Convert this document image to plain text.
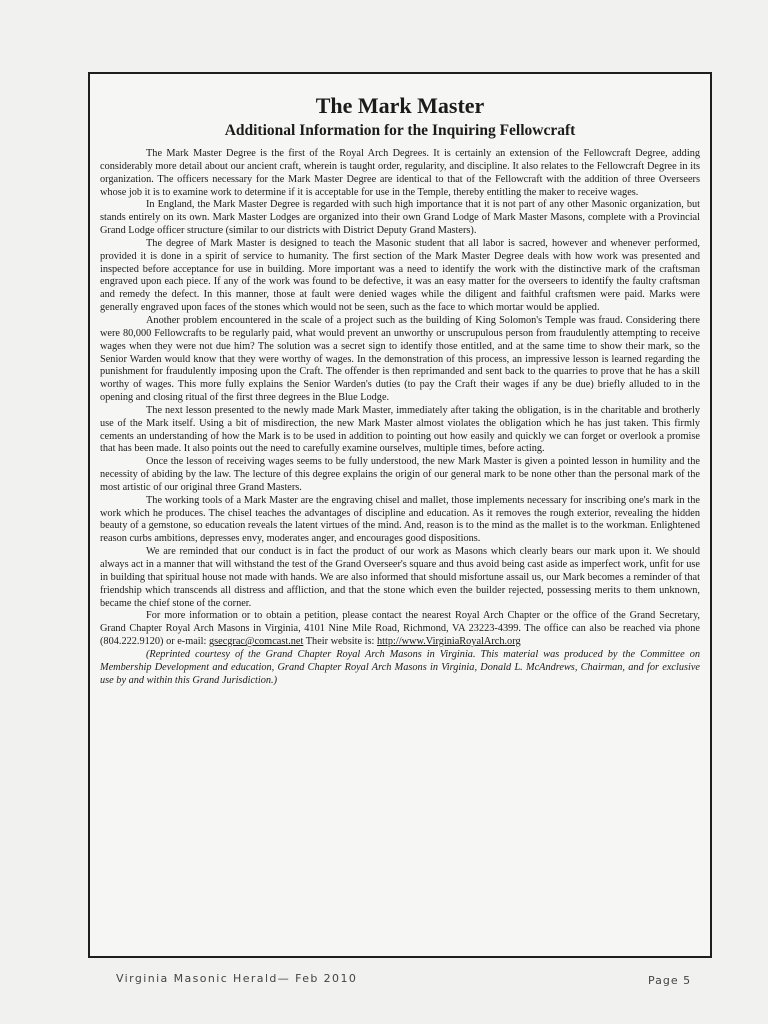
The Mark Master
Additional Information for the Inquiring Fellowcraft

The Mark Master Degree is the first of the Royal Arch Degrees. It is certainly an extension of the Fellowcraft Degree, adding considerably more detail about our ancient craft, wherein is taught order, regularity, and discipline. It also relates to the Fellowcraft Degree in its organization. The officers necessary for the Mark Master Degree are identical to that of the Fellowcraft with the addition of three Overseers whose job it is to examine work to determine if it is acceptable for use in the Temple, thereby entitling the maker to receive wages.

In England, the Mark Master Degree is regarded with such high importance that it is not part of any other Masonic organization, but stands entirely on its own. Mark Master Lodges are organized into their own Grand Lodge of Mark Master Masons, complete with a Provincial Grand Lodge officer structure (similar to our districts with District Deputy Grand Masters).

The degree of Mark Master is designed to teach the Masonic student that all labor is sacred, however and whenever performed, provided it is done in a spirit of service to humanity. The first section of the Mark Master Degree deals with how work was presented and inspected before acceptance for use in building. More important was a need to identify the work with the distinctive mark of the craftsman engraved upon each piece. If any of the work was found to be defective, it was an easy matter for the overseers to identify the faulty craftsman and remedy the defect. In this manner, those at fault were denied wages while the diligent and faithful craftsmen were paid. Marks were generally engraved upon faces of the stones which would not be seen, such as the face to which mortar would be applied.

Another problem encountered in the scale of a project such as the building of King Solomon's Temple was fraud. Considering there were 80,000 Fellowcrafts to be regularly paid, what would prevent an unworthy or unscrupulous person from fraudulently attempting to receive wages when they were not due him? The solution was a secret sign to identify those entitled, and at the same time to show their mark, so the Senior Warden would know that they were worthy of wages. In the demonstration of this process, an impressive lesson is learned regarding the punishment for fraudulently imposing upon the Craft. The offender is then reprimanded and sent back to the quarries to prove that he has a skill worthy of wages. This more fully explains the Senior Warden's duties (to pay the Craft their wages if any be due) briefly alluded to in the opening and closing ritual of the first three degrees in the Blue Lodge.

The next lesson presented to the newly made Mark Master, immediately after taking the obligation, is in the charitable and brotherly use of the Mark itself. Using a bit of misdirection, the new Mark Master almost violates the obligation which he has just taken. This firmly cements an understanding of how the Mark is to be used in addition to pointing out how easily and quickly we can forget or overlook a promise that has been made. It also points out the need to carefully examine ourselves, multiple times, before acting.

Once the lesson of receiving wages seems to be fully understood, the new Mark Master is given a pointed lesson in humility and the necessity of abiding by the law. The lecture of this degree explains the origin of our general mark to be none other than the personal mark of the most artistic of our original three Grand Masters.

The working tools of a Mark Master are the engraving chisel and mallet, those implements necessary for inscribing one's mark in the work which he produces. The chisel teaches the advantages of discipline and education. As it removes the rough exterior, revealing the hidden beauty of a gemstone, so education reveals the latent virtues of the mind. And, reason is to the mind as the mallet is to the workman. Enlightened reason curbs ambitions, depresses envy, moderates anger, and encourages good dispositions.

We are reminded that our conduct is in fact the product of our work as Masons which clearly bears our mark upon it. We should always act in a manner that will withstand the test of the Grand Overseer's square and thus avoid being cast aside as imperfect work, unfit for use in building that spiritual house not made with hands. We are also informed that should misfortune assail us, our Mark becomes a reminder of that friendship which transcends all distress and affliction, and that the stone which even the builder rejected, possessing merits to them unknown, became the chief stone of the corner.

For more information or to obtain a petition, please contact the nearest Royal Arch Chapter or the office of the Grand Secretary, Grand Chapter Royal Arch Masons in Virginia, 4101 Nine Mile Road, Richmond, VA 23223-4399. The office can also be reached via phone (804.222.9120) or e-mail: gsecgrac@comcast.net Their website is: http://www.VirginiaRoyalArch.org

(Reprinted courtesy of the Grand Chapter Royal Arch Masons in Virginia. This material was produced by the Committee on Membership Development and education, Grand Chapter Royal Arch Masons in Virginia, Donald L. McAndrews, Chairman, and for exclusive use by and within this Grand Jurisdiction.)

Virginia Masonic Herald— Feb 2010	Page 5
